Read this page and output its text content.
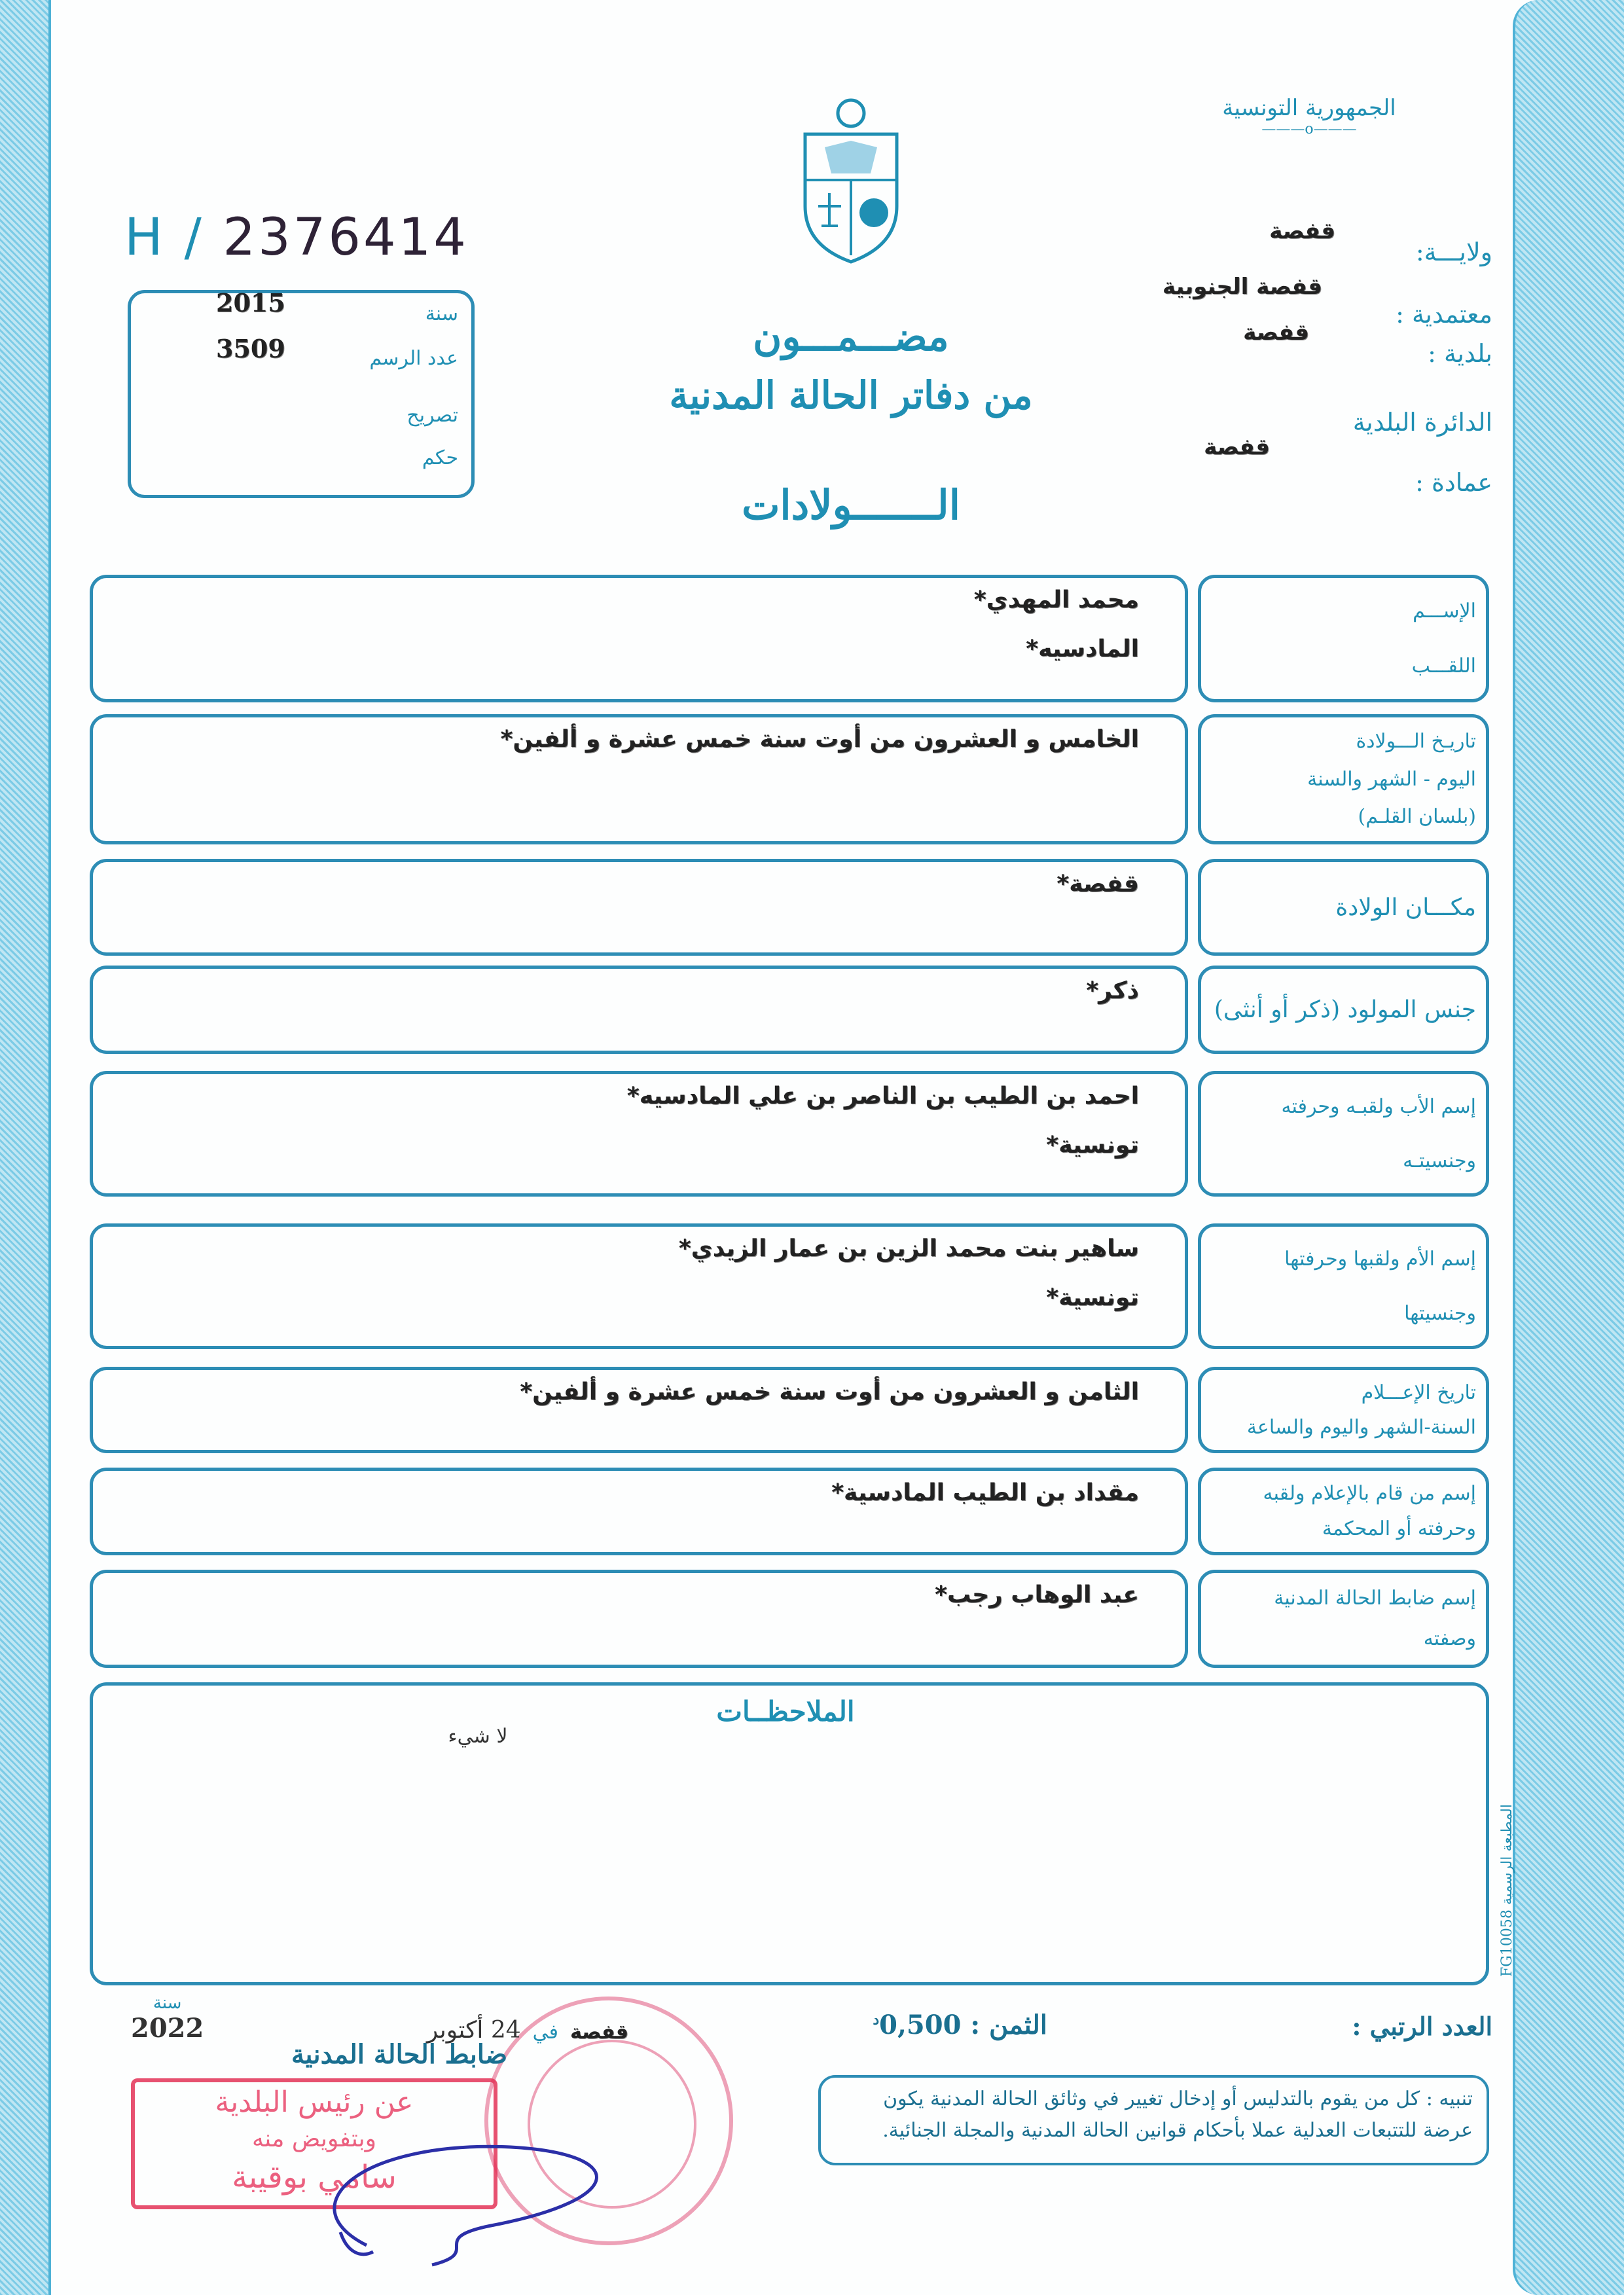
الجمهورية التونسية
———o———
H / 2376414
سنة
2015
عدد الرسم
3509
تصريح
حكم
مضـــمـــون
من دفاتر الحالة المدنية
الـــــــولادات
ولايـــة:
قفصة
معتمدية :
قفصة الجنوبية
بلدية :
قفصة
الدائرة البلدية
قفصة
عمادة :
الإســـم
اللقـــب
محمد المهدي*
المادسيه*
تاريـخ الـــولادة
اليوم - الشهر والسنة
(بلسان القلـم)
الخامس و العشرون من أوت سنة خمس عشرة و ألفين*
مكـــان الولادة
قفصة*
جنس المولود (ذكر أو أنثى)
ذكر*
إسم الأب ولقبـه وحرفته
وجنسيتـه
احمد بن الطيب بن الناصر بن علي المادسيه*
تونسية*
إسم الأم ولقبها وحرفتها
وجنسيتها
ساهير بنت محمد الزين بن عمار الزيدي*
تونسية*
تاريخ الإعـــلام
السنة-الشهر واليوم والساعة
الثامن و العشرون من أوت سنة خمس عشرة و ألفين*
إسم من قام بالإعلام ولقبه
وحرفته أو المحكمة
مقداد بن الطيب المادسية*
إسم ضابط الحالة المدنية
وصفته
عبد الوهاب رجب*
الملاحظــات
لا شيء
المطبعة الرسمية FG10058
العدد الرتبي :
الثمن : $0,500^د$
تنبيه : كل من يقوم بالتدليس أو إدخال تغيير في وثائق الحالة المدنية يكون عرضة للتتبعات العدلية عملا بأحكام قوانين الحالة المدنية والمجلة الجنائية.
قفصة
في
24 أكتوبر
سنة
2022
ضابط الحالة المدنية
عن رئيس البلدية
وبتفويض منه
سامي بوقيبة
